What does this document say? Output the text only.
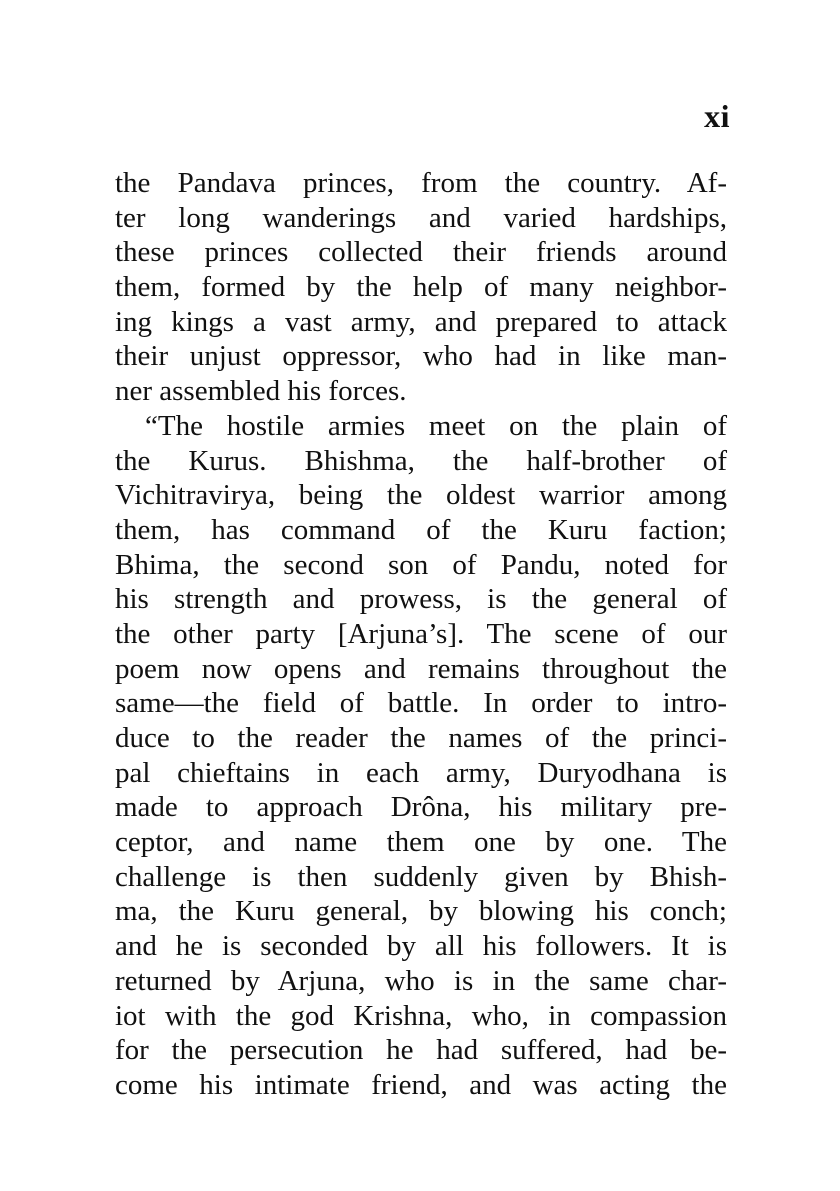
xi
the Pandava princes, from the country. Af-
ter long wanderings and varied hardships,
these princes collected their friends around
them, formed by the help of many neighbor-
ing kings a vast army, and prepared to attack
their unjust oppressor, who had in like man-
ner assembled his forces.
“The hostile armies meet on the plain of
the Kurus. Bhishma, the half-brother of
Vichitravirya, being the oldest warrior among
them, has command of the Kuru faction;
Bhima, the second son of Pandu, noted for
his strength and prowess, is the general of
the other party [Arjuna’s]. The scene of our
poem now opens and remains throughout the
same—the field of battle. In order to intro-
duce to the reader the names of the princi-
pal chieftains in each army, Duryodhana is
made to approach Drôna, his military pre-
ceptor, and name them one by one. The
challenge is then suddenly given by Bhish-
ma, the Kuru general, by blowing his conch;
and he is seconded by all his followers. It is
returned by Arjuna, who is in the same char-
iot with the god Krishna, who, in compassion
for the persecution he had suffered, had be-
come his intimate friend, and was acting the
